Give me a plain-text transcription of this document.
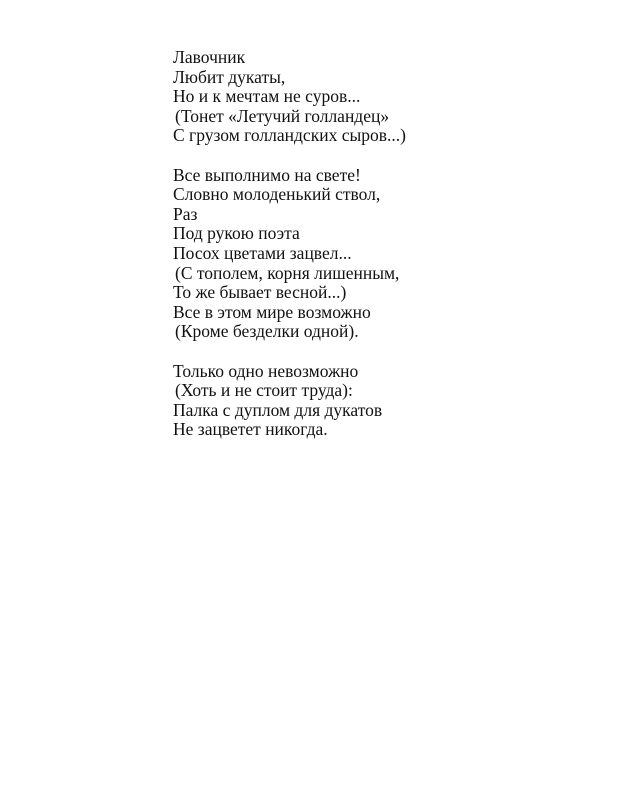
Лавочник
Любит дукаты,
Но и к мечтам не суров...
(Тонет «Летучий голландец»
С грузом голландских сыров...)
Все выполнимо на свете!
Словно молоденький ствол,
Раз
Под рукою поэта
Посох цветами зацвел...
(С тополем, корня лишенным,
То же бывает весной...)
Все в этом мире возможно
(Кроме безделки одной).
Только одно невозможно
(Хоть и не стоит труда):
Палка с дуплом для дукатов
Не зацветет никогда.
